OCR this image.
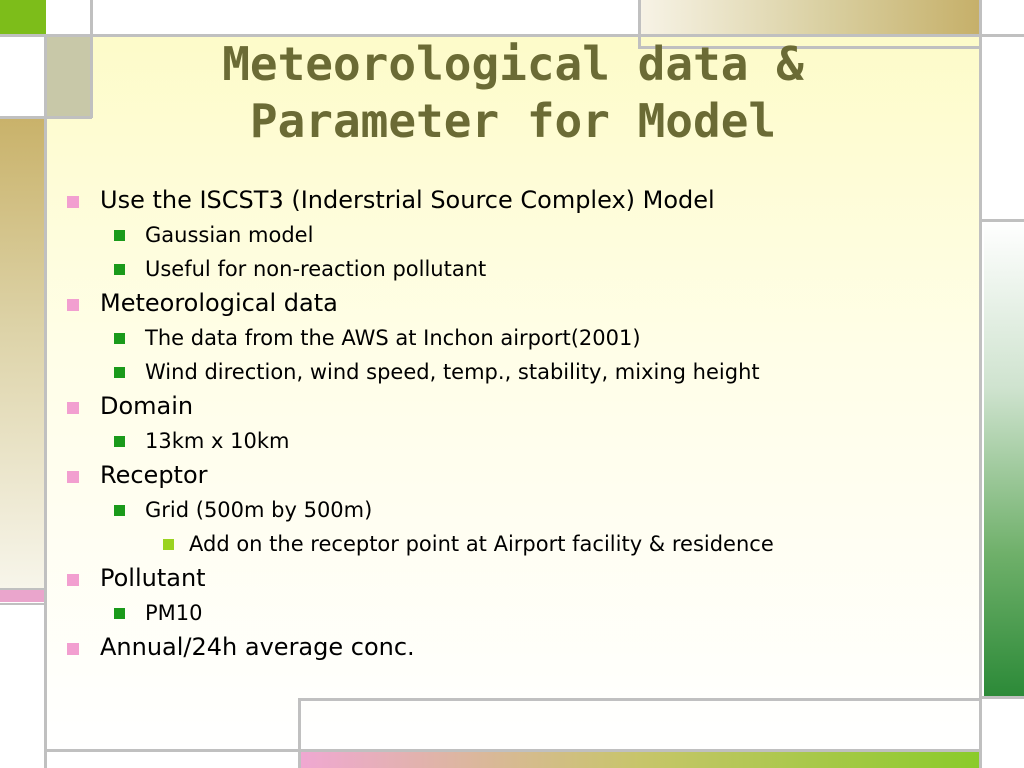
Meteorological data &
Parameter for Model
Use the ISCST3 (Inderstrial Source Complex) Model
Gaussian model
Useful for non-reaction pollutant
Meteorological data
The data from the AWS at Inchon airport(2001)
Wind direction, wind speed, temp., stability, mixing height
Domain
13km x 10km
Receptor
Grid (500m by 500m)
Add on the receptor point at Airport facility & residence
Pollutant
PM10
Annual/24h average conc.
